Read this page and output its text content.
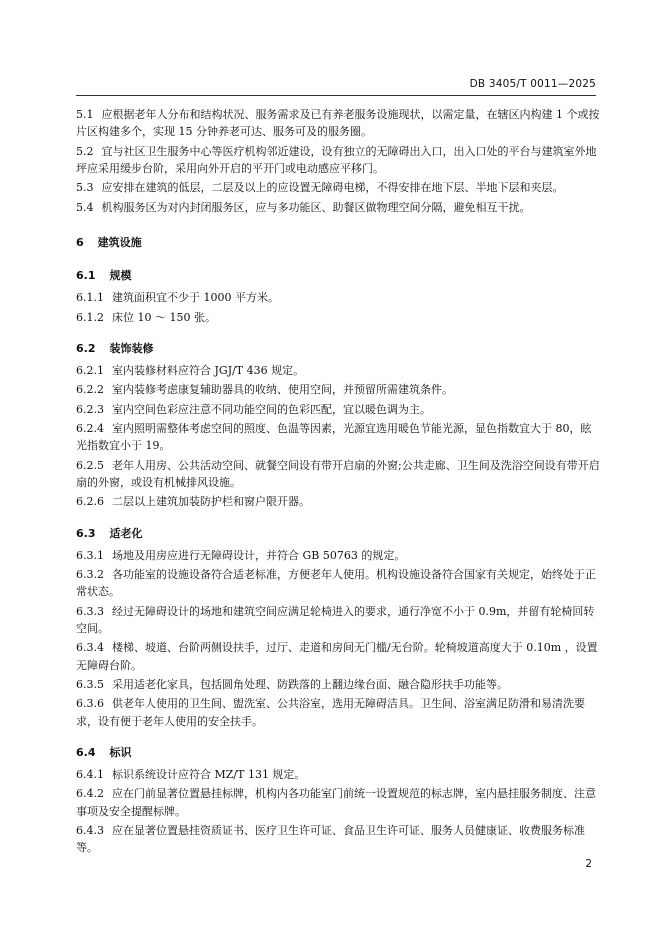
DB 3405/T 0011—2025

5.1 应根据老年人分布和结构状况、服务需求及已有养老服务设施现状，以需定量，在辖区内构建 1 个或按片区构建多个，实现 15 分钟养老可达、服务可及的服务圈。

5.2 宜与社区卫生服务中心等医疗机构邻近建设，设有独立的无障碍出入口，出入口处的平台与建筑室外地坪应采用缓步台阶，采用向外开启的平开门或电动感应平移门。

5.3 应安排在建筑的低层，二层及以上的应设置无障碍电梯，不得安排在地下层、半地下层和夹层。

5.4 机构服务区为对内封闭服务区，应与多功能区、助餐区做物理空间分隔，避免相互干扰。

6 建筑设施

6.1 规模

6.1.1 建筑面积宜不少于 1000 平方米。

6.1.2 床位 10 ～ 150 张。

6.2 装饰装修

6.2.1 室内装修材料应符合 JGJ/T 436 规定。

6.2.2 室内装修考虑康复辅助器具的收纳、使用空间，并预留所需建筑条件。

6.2.3 室内空间色彩应注意不同功能空间的色彩匹配，宜以暖色调为主。

6.2.4 室内照明需整体考虑空间的照度、色温等因素，光源宜选用暖色节能光源，显色指数宜大于 80，眩光指数宜小于 19。

6.2.5 老年人用房、公共活动空间、就餐空间设有带开启扇的外窗;公共走廊、卫生间及洗浴空间设有带开启扇的外窗，或设有机械排风设施。

6.2.6 二层以上建筑加装防护栏和窗户限开器。

6.3 适老化

6.3.1 场地及用房应进行无障碍设计，并符合 GB 50763 的规定。

6.3.2 各功能室的设施设备符合适老标准，方便老年人使用。机构设施设备符合国家有关规定，始终处于正常状态。

6.3.3 经过无障碍设计的场地和建筑空间应满足轮椅进入的要求，通行净宽不小于 0.9m，并留有轮椅回转空间。

6.3.4 楼梯、坡道、台阶两侧设扶手，过厅、走道和房间无门槛/无台阶。轮椅坡道高度大于 0.10m ，设置无障碍台阶。

6.3.5 采用适老化家具，包括圆角处理、防跌落的上翻边缘台面、融合隐形扶手功能等。

6.3.6 供老年人使用的卫生间、盥洗室、公共浴室，选用无障碍洁具。卫生间、浴室满足防滑和易清洗要求，设有便于老年人使用的安全扶手。

6.4 标识

6.4.1 标识系统设计应符合 MZ/T 131 规定。

6.4.2 应在门前显著位置悬挂标牌，机构内各功能室门前统一设置规范的标志牌，室内悬挂服务制度、注意事项及安全提醒标牌。

6.4.3 应在显著位置悬挂资质证书、医疗卫生许可证、食品卫生许可证、服务人员健康证、收费服务标准等。

2
